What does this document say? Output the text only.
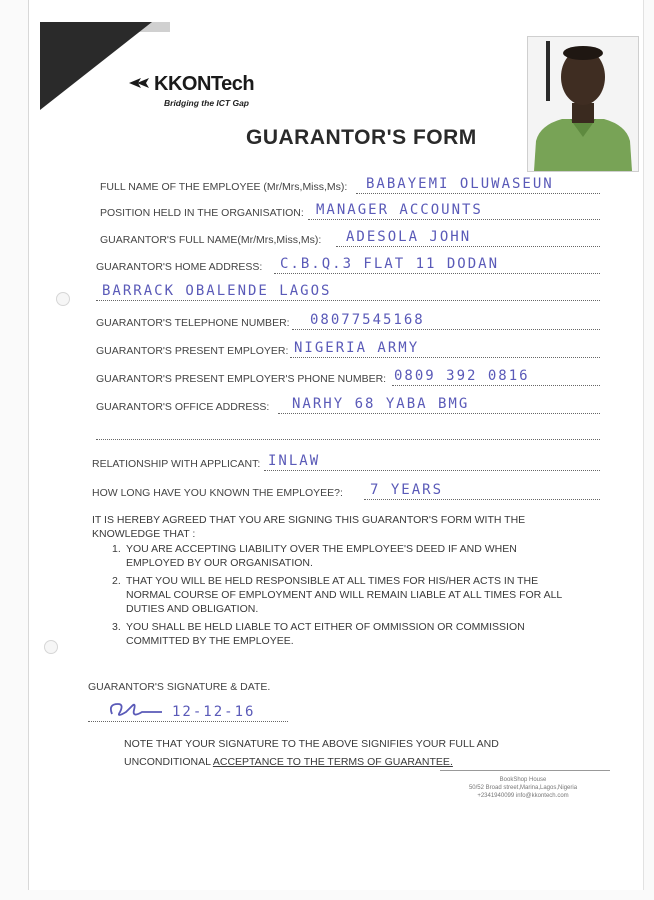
KKONTech
Bridging the ICT Gap
GUARANTOR'S FORM
FULL NAME OF THE EMPLOYEE (Mr/Mrs,Miss,Ms): BABAYEMI OLUWASEUN
POSITION HELD IN THE ORGANISATION: MANAGER ACCOUNTS
GUARANTOR'S FULL NAME(Mr/Mrs,Miss,Ms): ADESOLA JOHN
GUARANTOR'S HOME ADDRESS: C.B.Q.3 FLAT 11 DODAN
BARRACK OBALENDE LAGOS
GUARANTOR'S TELEPHONE NUMBER: 08077545168
GUARANTOR'S PRESENT EMPLOYER: NIGERIA ARMY
GUARANTOR'S PRESENT EMPLOYER'S PHONE NUMBER: 0809 392 0816
GUARANTOR'S OFFICE ADDRESS: NARHY 68 YABA BMG
RELATIONSHIP WITH APPLICANT: INLAW
HOW LONG HAVE YOU KNOWN THE EMPLOYEE?: 7 YEARS
IT IS HEREBY AGREED THAT YOU ARE SIGNING THIS GUARANTOR'S FORM WITH THE KNOWLEDGE THAT :
1. YOU ARE ACCEPTING LIABILITY OVER THE EMPLOYEE'S DEED IF AND WHEN EMPLOYED BY OUR ORGANISATION.
2. THAT YOU WILL BE HELD RESPONSIBLE AT ALL TIMES FOR HIS/HER ACTS IN THE NORMAL COURSE OF EMPLOYMENT AND WILL REMAIN LIABLE AT ALL TIMES FOR ALL DUTIES AND OBLIGATION.
3. YOU SHALL BE HELD LIABLE TO ACT EITHER OF OMMISSION OR COMMISSION COMMITTED BY THE EMPLOYEE.
GUARANTOR'S SIGNATURE & DATE.
12-12-16
NOTE THAT YOUR SIGNATURE TO THE ABOVE SIGNIFIES YOUR FULL AND
UNCONDITIONAL ACCEPTANCE TO THE TERMS OF GUARANTEE.
BookShop House
50/52 Broad street,Marina,Lagos,Nigeria
+2341940099 info@kkontech.com
